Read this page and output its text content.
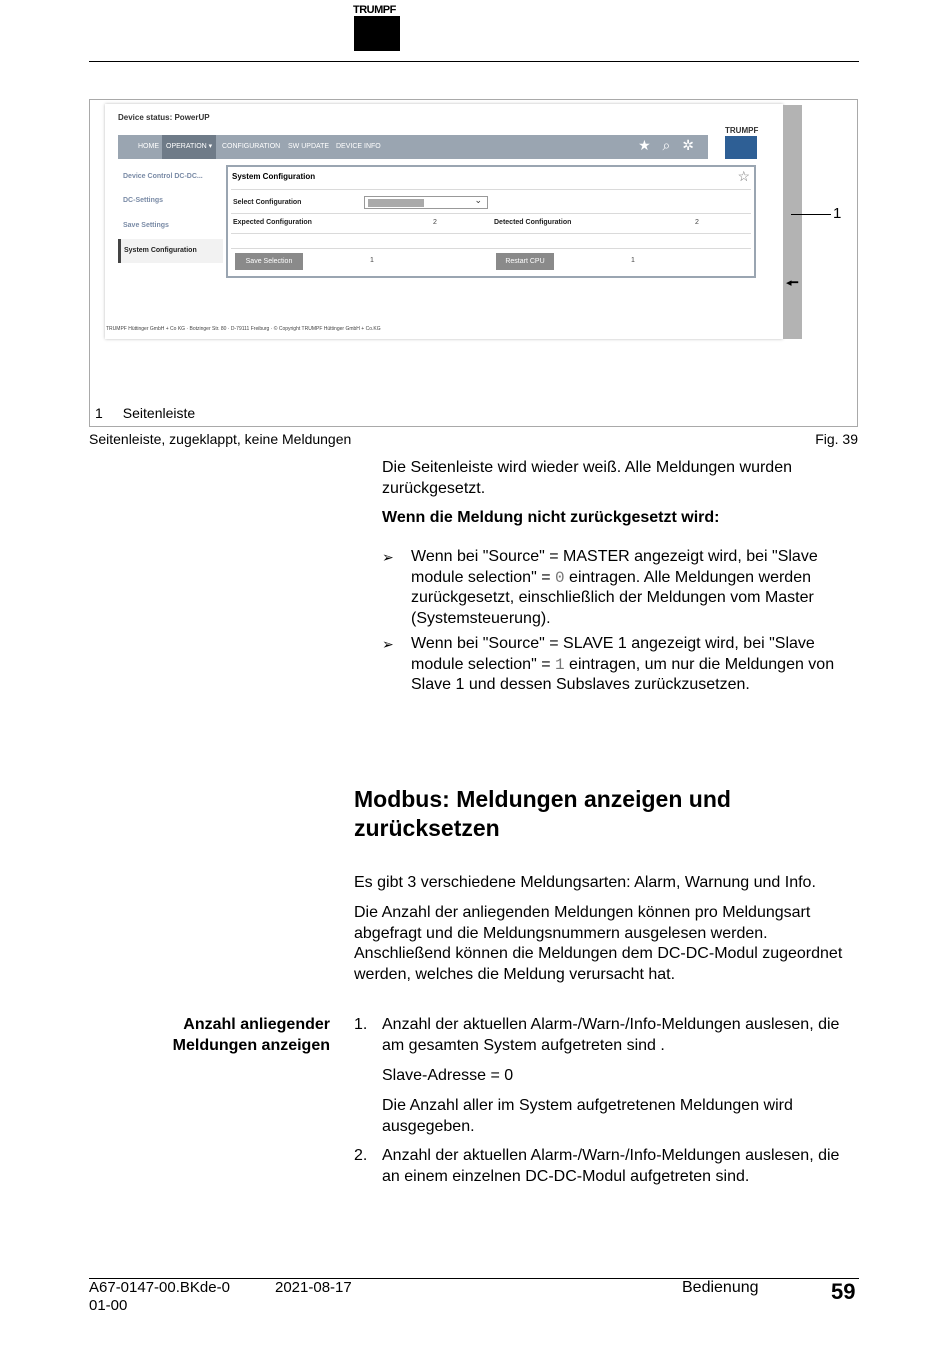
TRUMPF
Device status: PowerUP
HOME	OPERATION ▾	CONFIGURATION SW UPDATE DEVICE INFO	★ ⌕ ✲
TRUMPF
Device Control DC-DC...
DC-Settings
Save Settings
System Configuration
System Configuration	☆
Select Configuration	⌄
Expected Configuration	2	Detected Configuration	2
Save Selection	1	Restart CPU	1
TRUMPF Hüttinger GmbH + Co KG · Botzinger Str. 80 · D-79111 Freiburg · © Copyright TRUMPF Hüttinger GmbH + Co.KG
◂━
1
1 Seitenleiste
Seitenleiste, zugeklappt, keine Meldungen	Fig. 39
Die Seitenleiste wird wieder weiß. Alle Meldungen wurden zurückgesetzt.
Wenn die Meldung nicht zurückgesetzt wird:
➢ Wenn bei "Source" = MASTER angezeigt wird, bei "Slave module selection" = 0 eintragen. Alle Meldungen werden zurückgesetzt, einschließlich der Meldungen vom Master (Systemsteuerung).
➢ Wenn bei "Source" = SLAVE 1 angezeigt wird, bei "Slave module selection" = 1 eintragen, um nur die Meldungen von Slave 1 und dessen Subslaves zurückzusetzen.
Modbus: Meldungen anzeigen und zurücksetzen
Es gibt 3 verschiedene Meldungsarten: Alarm, Warnung und Info.
Die Anzahl der anliegenden Meldungen können pro Meldungsart abgefragt und die Meldungsnummern ausgelesen werden. Anschließend können die Meldungen dem DC-DC-Modul zugeordnet werden, welches die Meldung verursacht hat.
Anzahl anliegender Meldungen anzeigen
1. Anzahl der aktuellen Alarm-/Warn-/Info-Meldungen auslesen, die am gesamten System aufgetreten sind .
Slave-Adresse = 0
Die Anzahl aller im System aufgetretenen Meldungen wird ausgegeben.
2. Anzahl der aktuellen Alarm-/Warn-/Info-Meldungen auslesen, die an einem einzelnen DC-DC-Modul aufgetreten sind.
A67-0147-00.BKde-0 01-00
2021-08-17	Bedienung	59
